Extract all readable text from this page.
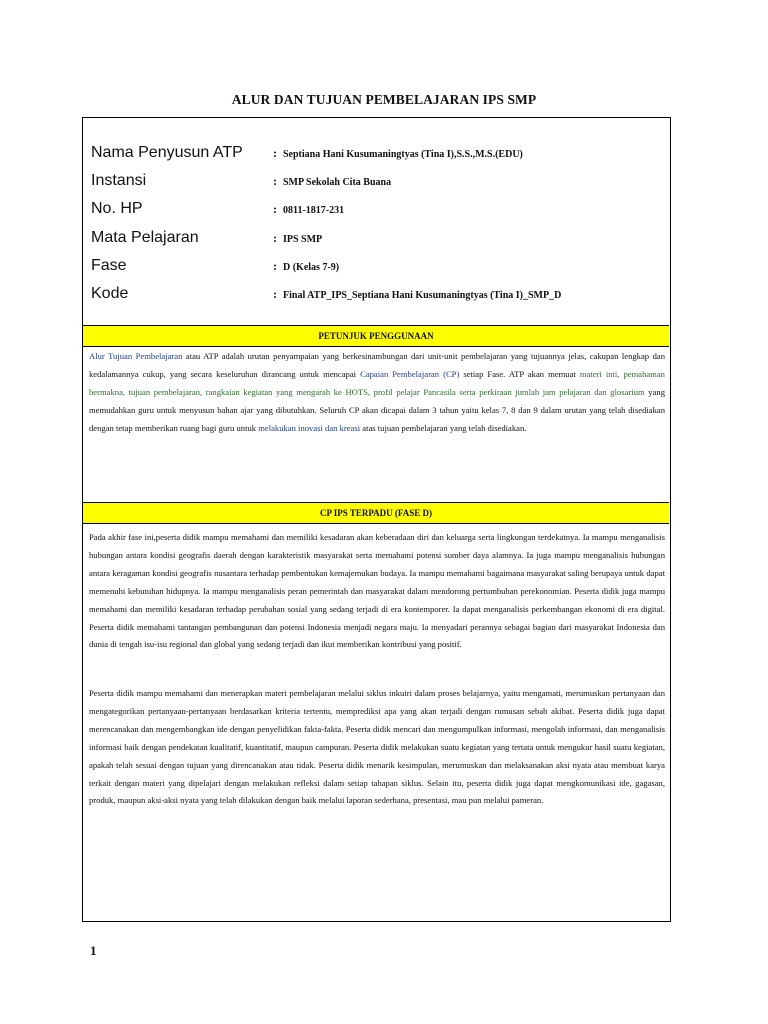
ALUR DAN TUJUAN PEMBELAJARAN IPS SMP
Nama Penyusun ATP	: Septiana Hani Kusumaningtyas (Tina I),S.S.,M.S.(EDU)
Instansi	: SMP Sekolah Cita Buana
No. HP	: 0811-1817-231
Mata Pelajaran	: IPS SMP
Fase	: D (Kelas 7-9)
Kode	: Final ATP_IPS_Septiana Hani Kusumaningtyas (Tina I)_SMP_D
PETUNJUK PENGGUNAAN
Alur Tujuan Pembelajaran atau ATP adalah urutan penyampaian yang berkesinambungan dari unit-unit pembelajaran yang tujuannya jelas, cakupan lengkap dan kedalamannya cukup, yang secara keseluruhan dirancang untuk mencapai Capaian Pembelajaran (CP) setiap Fase. ATP akan memuat materi inti, pemahaman bermakna, tujuan pembelajaran, rangkaian kegiatan yang mengarah ke HOTS, profil pelajar Pancasila serta perkiraan jumlah jam pelajaran dan glosarium yang memudahkan guru untuk menyusun bahan ajar yang dibutuhkan. Seluruh CP akan dicapai dalam 3 tahun yaitu kelas 7, 8 dan 9 dalam urutan yang telah disediakan dengan tetap memberikan ruang bagi guru untuk melakukan inovasi dan kreasi atas tujuan pembelajaran yang telah disediakan.
CP IPS TERPADU (FASE D)
Pada akhir fase ini,peserta didik mampu memahami dan memiliki kesadaran akan keberadaan diri dan keluarga serta lingkungan terdekatnya. Ia mampu menganalisis hubungan antara kondisi geografis daerah dengan karakteristik masyarakat serta memahami potensi sumber daya alamnya. Ia juga mampu menganalisis hubungan antara keragaman kondisi geografis nusantara terhadap pembentukan kemajemukan budaya. Ia mampu memahami bagaimana masyarakat saling berupaya untuk dapat memenuhi kebutuhan hidupnya. Ia mampu menganalisis peran pemerintah dan masyarakat dalam mendorong pertumbuhan perekonomian. Peserta didik juga mampu memahami dan memiliki kesadaran terhadap perubahan sosial yang sedang terjadi di era kontemporer. Ia dapat menganalisis perkembangan ekonomi di era digital. Peserta didik memahami tantangan pembangunan dan potensi Indonesia menjadi negara maju. Ia menyadari perannya sebagai bagian dari masyarakat Indonesia dan dunia di tengah isu-isu regional dan global yang sedang terjadi dan ikut memberikan kontribusi yang positif.
Peserta didik mampu memahami dan menerapkan materi pembelajaran melalui siklus inkuiri dalam proses belajarnya, yaitu mengamati, merumuskan pertanyaan dan mengategorikan pertanyaan-pertanyaan berdasarkan kriteria tertentu, memprediksi apa yang akan terjadi dengan rumusan sebab akibat. Peserta didik juga dapat merencanakan dan mengembangkan ide dengan penyelidikan fakta-fakta. Peserta didik mencari dan mengumpulkan informasi, mengolah informasi, dan menganalisis informasi baik dengan pendekatan kualitatif, kuantitatif, maupun campuran. Peserta didik melakukan suatu kegiatan yang tertata untuk mengukur hasil suatu kegiatan, apakah telah sesuai dengan tujuan yang direncanakan atau tidak. Peserta didik menarik kesimpulan, merumuskan dan melaksanakan aksi nyata atau membuat karya terkait dengan materi yang dipelajari dengan melakukan refleksi dalam setiap tahapan siklus. Selain itu, peserta didik juga dapat mengkomunikasi ide, gagasan, produk, maupun aksi-aksi nyata yang telah dilakukan dengan baik melalui laporan sederhana, presentasi, mau pun melalui pameran.
1
